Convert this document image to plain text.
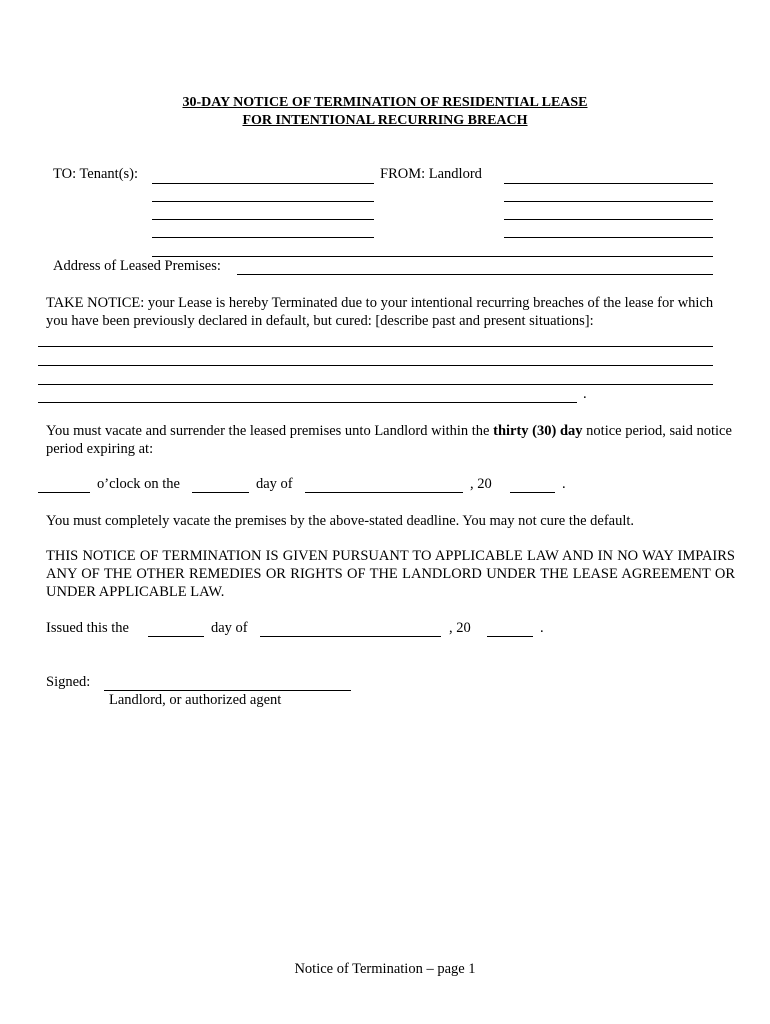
30-DAY NOTICE OF TERMINATION OF RESIDENTIAL LEASE
FOR INTENTIONAL RECURRING BREACH
TO: Tenant(s):	FROM: Landlord
Address of Leased Premises:
TAKE NOTICE: your Lease is hereby Terminated due to your intentional recurring breaches of the lease for which you have been previously declared in default, but cured: [describe past and present situations]:
.
You must vacate and surrender the leased premises unto Landlord within the thirty (30) day notice period, said notice period expiring at:
o’clock on the	day of	, 20	.
You must completely vacate the premises by the above-stated deadline. You may not cure the default.
THIS NOTICE OF TERMINATION IS GIVEN PURSUANT TO APPLICABLE LAW AND IN NO WAY IMPAIRS ANY OF THE OTHER REMEDIES OR RIGHTS OF THE LANDLORD UNDER THE LEASE AGREEMENT OR UNDER APPLICABLE LAW.
Issued this the	day of	, 20	.
Signed:
Landlord, or authorized agent
Notice of Termination – page 1
